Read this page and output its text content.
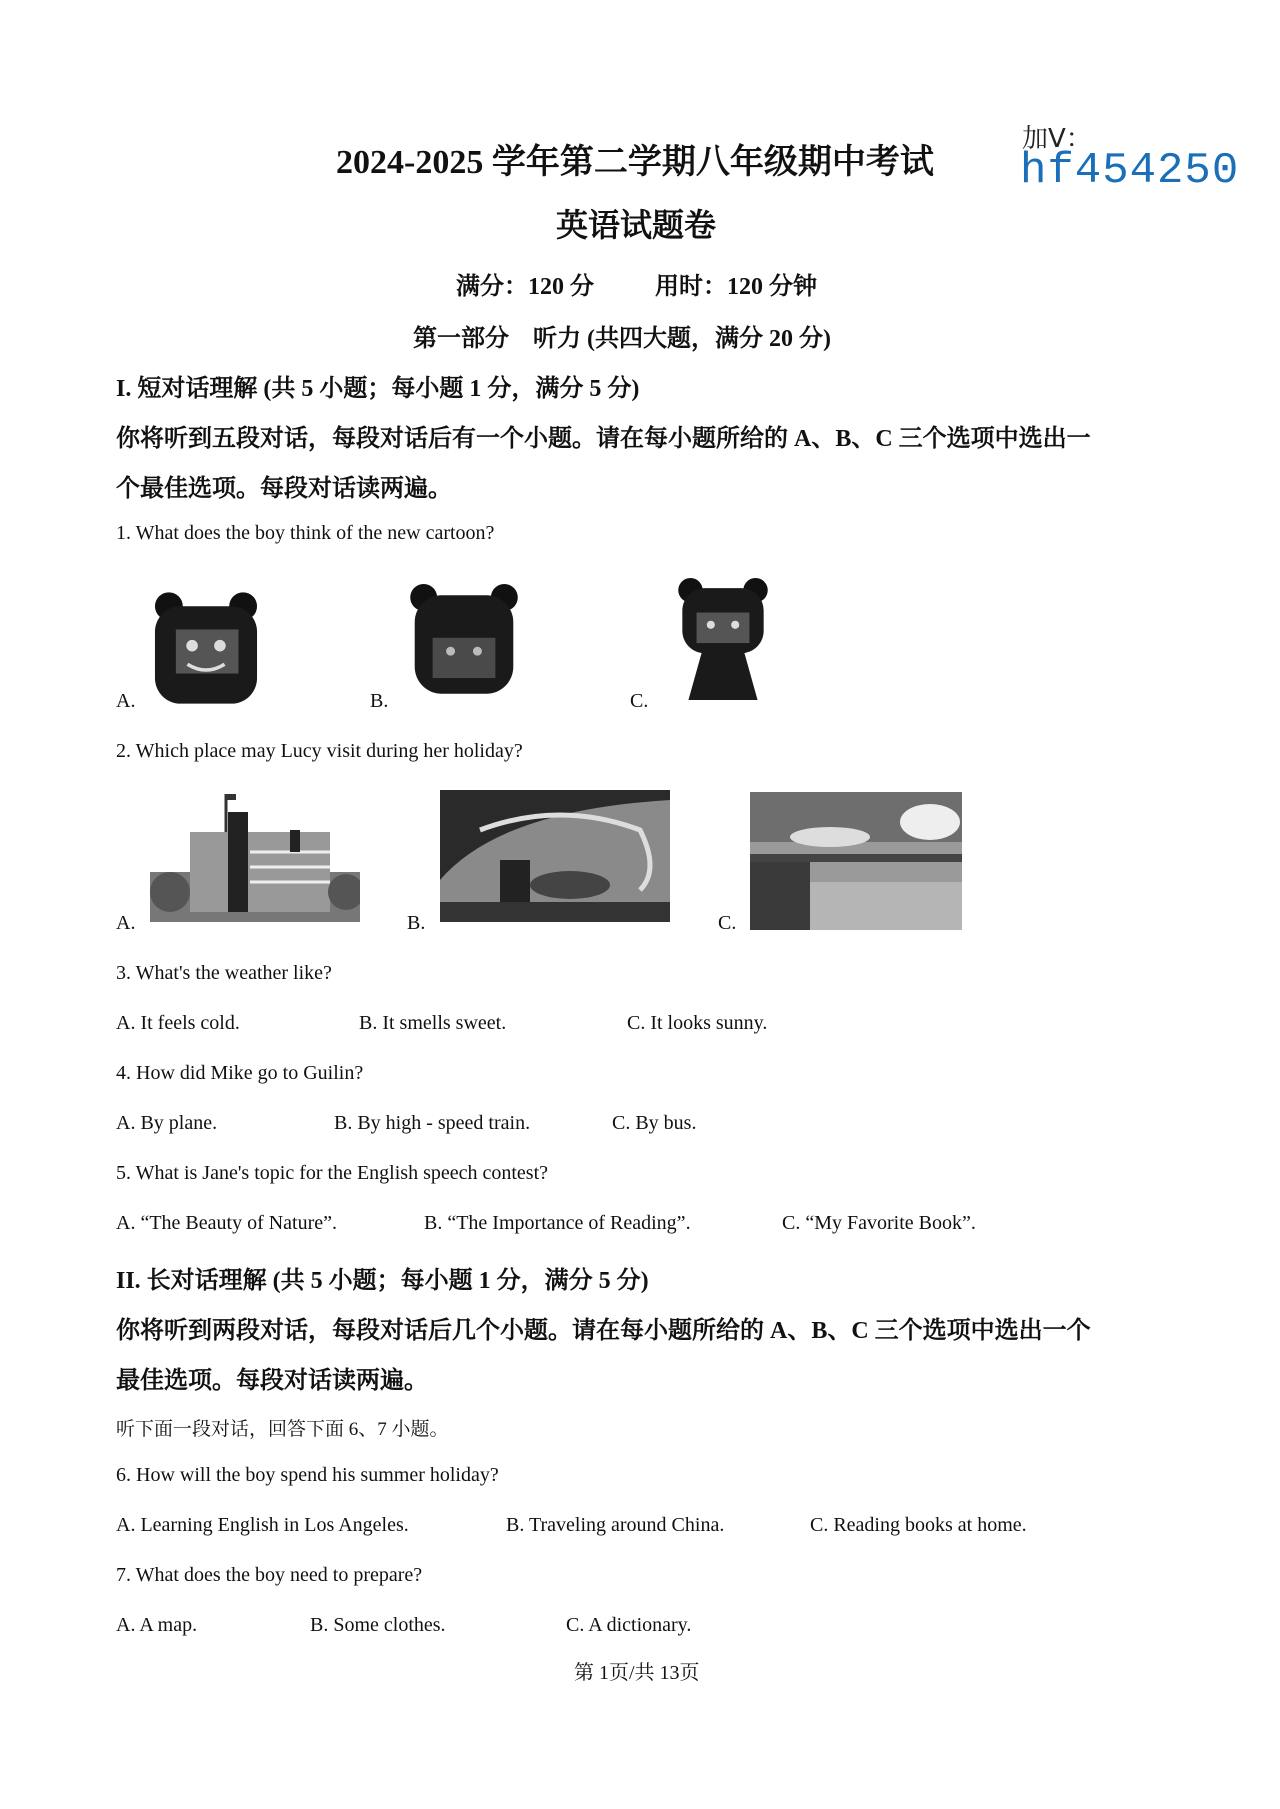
加V：
hf454250
2024-2025 学年第二学期八年级期中考试
英语试题卷
满分：120 分	用时：120 分钟
第一部分　听力 (共四大题，满分 20 分)
I. 短对话理解 (共 5 小题；每小题 1 分，满分 5 分)
你将听到五段对话，每段对话后有一个小题。请在每小题所给的 A、B、C 三个选项中选出一
个最佳选项。每段对话读两遍。
1. What does the boy think of the new cartoon?
A.	B.	C.
2. Which place may Lucy visit during her holiday?
A.	B.	C.
3. What's the weather like?
A. It feels cold.	B. It smells sweet.	C. It looks sunny.
4. How did Mike go to Guilin?
A. By plane.	B. By high - speed train.	C. By bus.
5. What is Jane's topic for the English speech contest?
A. “The Beauty of Nature”.	B. “The Importance of Reading”.	C. “My Favorite Book”.
II. 长对话理解 (共 5 小题；每小题 1 分，满分 5 分)
你将听到两段对话，每段对话后几个小题。请在每小题所给的 A、B、C 三个选项中选出一个
最佳选项。每段对话读两遍。
听下面一段对话，回答下面 6、7 小题。
6. How will the boy spend his summer holiday?
A. Learning English in Los Angeles.	B. Traveling around China.	C. Reading books at home.
7. What does the boy need to prepare?
A. A map.	B. Some clothes.	C. A dictionary.
第 1页/共 13页
